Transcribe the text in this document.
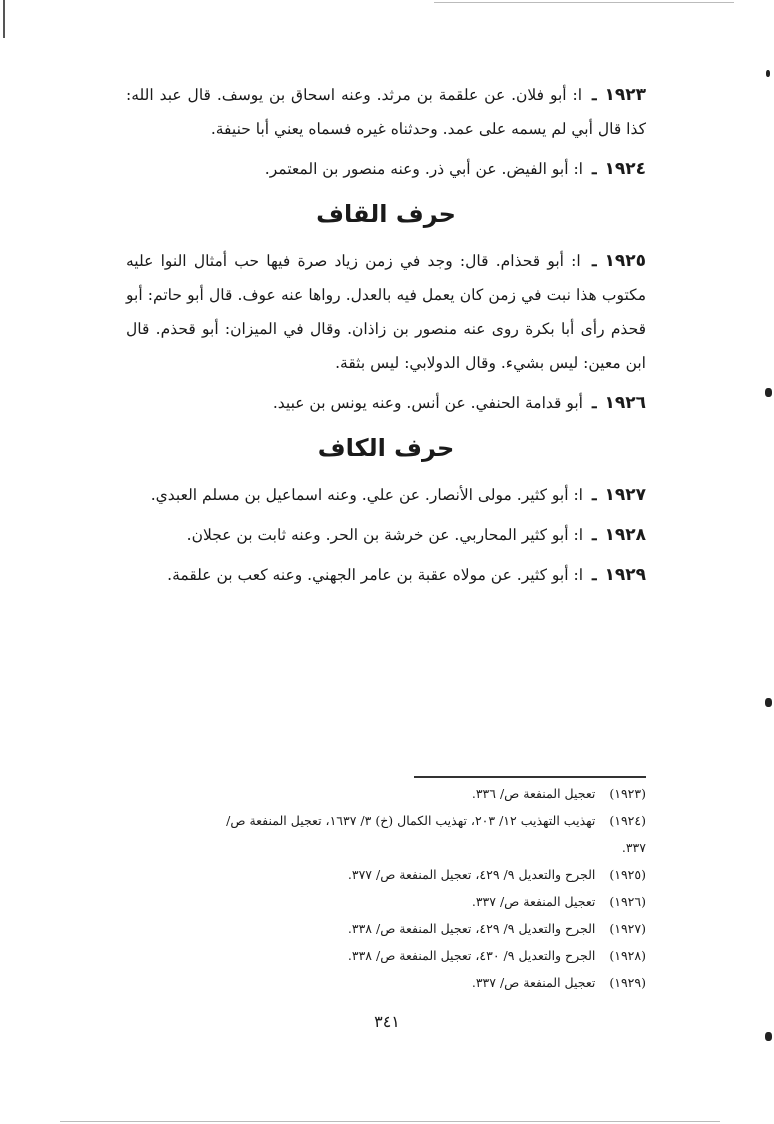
١٩٢٣ـ ا: أبو فلان. عن علقمة بن مرثد. وعنه اسحاق بن يوسف. قال عبد الله: كذا قال أبي لم يسمه على عمد. وحدثناه غيره فسماه يعني أبا حنيفة.

١٩٢٤ـ ا: أبو الفيض. عن أبي ذر. وعنه منصور بن المعتمر.

حرف القاف

١٩٢٥ـ ا: أبو قحذام. قال: وجد في زمن زياد صرة فيها حب أمثال النوا عليه مكتوب هذا نبت في زمن كان يعمل فيه بالعدل. رواها عنه عوف. قال أبو حاتم: أبو قحذم رأى أبا بكرة روى عنه منصور بن زاذان. وقال في الميزان: أبو قحذم. قال ابن معين: ليس بشيء. وقال الدولابي: ليس بثقة.

١٩٢٦ـ أبو قدامة الحنفي. عن أنس. وعنه يونس بن عبيد.

حرف الكاف

١٩٢٧ـ ا: أبو كثير. مولى الأنصار. عن علي. وعنه اسماعيل بن مسلم العبدي.

١٩٢٨ـ ا: أبو كثير المحاربي. عن خرشة بن الحر. وعنه ثابت بن عجلان.

١٩٢٩ـ ا: أبو كثير. عن مولاه عقبة بن عامر الجهني. وعنه كعب بن علقمة.

(١٩٢٣) تعجيل المنفعة ص/ ٣٣٦.
(١٩٢٤) تهذيب التهذيب ١٢/ ٢٠٣، تهذيب الكمال (خ) ٣/ ١٦٣٧، تعجيل المنفعة ص/
٣٣٧.
(١٩٢٥) الجرح والتعديل ٩/ ٤٢٩، تعجيل المنفعة ص/ ٣٧٧.
(١٩٢٦) تعجيل المنفعة ص/ ٣٣٧.
(١٩٢٧) الجرح والتعديل ٩/ ٤٢٩، تعجيل المنفعة ص/ ٣٣٨.
(١٩٢٨) الجرح والتعديل ٩/ ٤٣٠، تعجيل المنفعة ص/ ٣٣٨.
(١٩٢٩) تعجيل المنفعة ص/ ٣٣٧.
٣٤١
